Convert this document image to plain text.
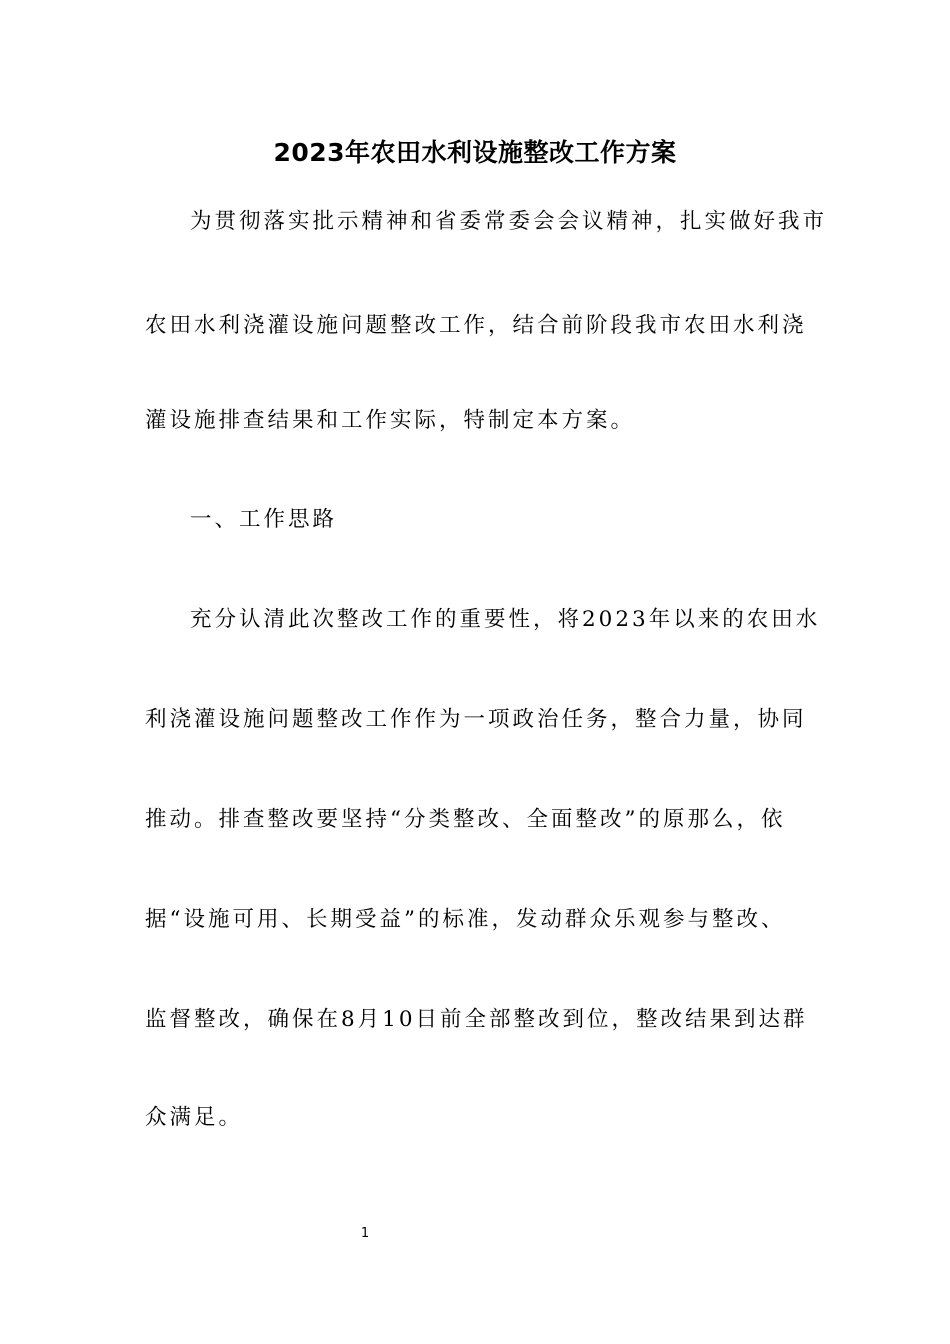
2023年农田水利设施整改工作方案
为贯彻落实批示精神和省委常委会会议精神，扎实做好我市
农田水利浇灌设施问题整改工作，结合前阶段我市农田水利浇
灌设施排查结果和工作实际，特制定本方案。
一、工作思路
充分认清此次整改工作的重要性，将2023年以来的农田水
利浇灌设施问题整改工作作为一项政治任务，整合力量，协同
推动。排查整改要坚持“分类整改、全面整改”的原那么，依
据“设施可用、长期受益”的标准，发动群众乐观参与整改、
监督整改，确保在8月10日前全部整改到位，整改结果到达群
众满足。
1
